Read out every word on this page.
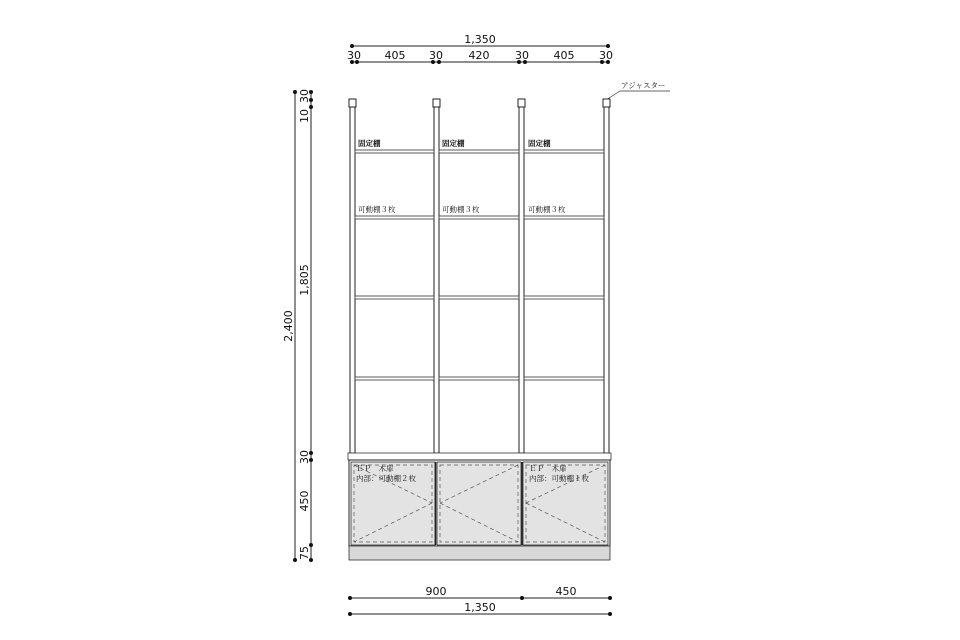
1,350
30 405 30 420 30 405 30
2,400
10
30
1,805
30
450
75
アジャスター
固定棚
可動棚３枚
固定棚
可動棚３枚
固定棚
可動棚３枚
ＥＰ　木扉
内部：可動棚２枚
ＥＰ　木扉
内部：可動棚１枚
900	450
1,350
